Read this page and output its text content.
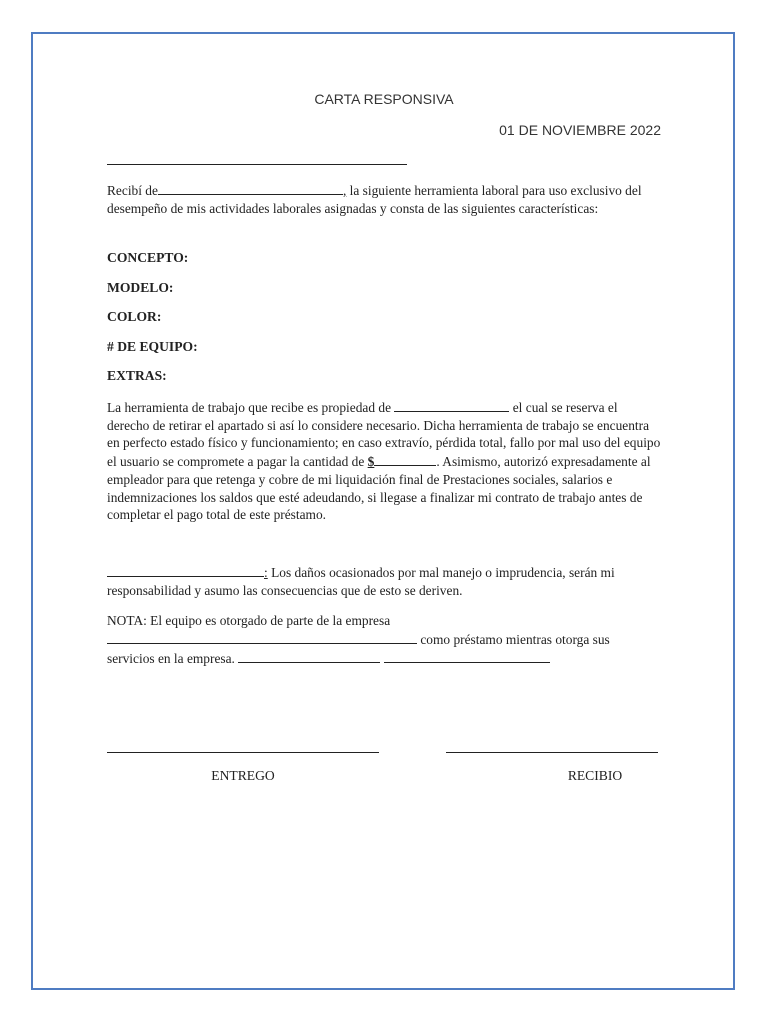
CARTA RESPONSIVA
01 DE NOVIEMBRE 2022

Recibí de	, la siguiente herramienta laboral para uso exclusivo del desempeño de mis actividades laborales asignadas y consta de las siguientes características:

CONCEPTO:
MODELO:
COLOR:
# DE EQUIPO:
EXTRAS:

La herramienta de trabajo que recibe es propiedad de	el cual se reserva el derecho de retirar el apartado si así lo considere necesario. Dicha herramienta de trabajo se encuentra en perfecto estado físico y funcionamiento; en caso extravío, pérdida total, fallo por mal uso del equipo el usuario se compromete a pagar la cantidad de $	. Asimismo, autorizó expresadamente al empleador para que retenga y cobre de mi liquidación final de Prestaciones sociales, salarios e indemnizaciones los saldos que esté adeudando, si llegase a finalizar mi contrato de trabajo antes de completar el pago total de este préstamo.

: Los daños ocasionados por mal manejo o imprudencia, serán mi responsabilidad y asumo las consecuencias que de esto se deriven.

NOTA: El equipo es otorgado de parte de la empresa
como préstamo mientras otorga sus
servicios en la empresa.

ENTREGO	RECIBIO
